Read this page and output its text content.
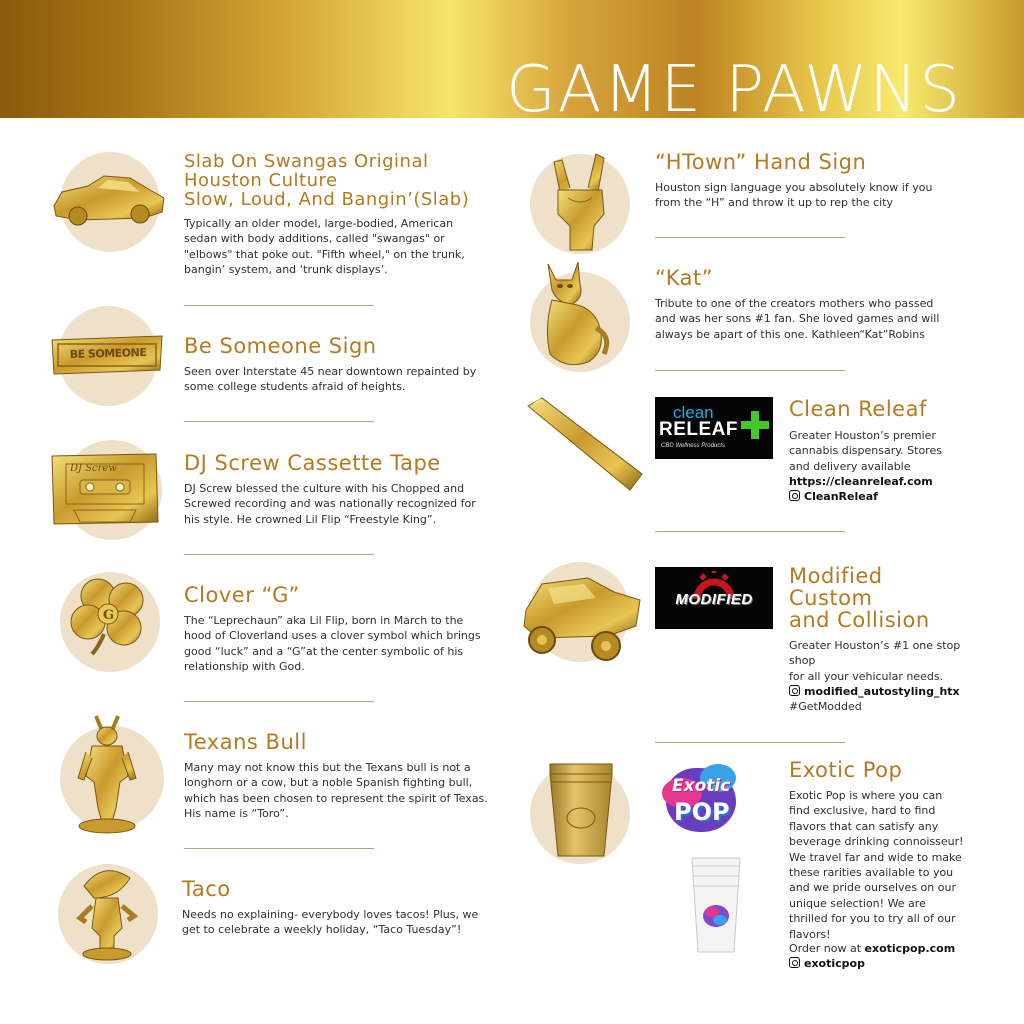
GAME PAWNS
Slab On Swangas Original
Houston Culture
Slow, Loud, And Bangin’(Slab)
Typically an older model, large-bodied, American sedan with body additions, called "swangas" or "elbows" that poke out. "Fifth wheel," on the trunk, bangin’ system, and ‘trunk displays’.
BE SOMEONE	Be Someone Sign
Seen over Interstate 45 near downtown repainted by some college students afraid of heights.
DJ Screw	DJ Screw Cassette Tape
DJ Screw blessed the culture with his Chopped and Screwed recording and was nationally recognized for his style. He crowned Lil Flip “Freestyle King”.
G
Clover “G”
The “Leprechaun” aka Lil Flip, born in March to the hood of Cloverland uses a clover symbol which brings good “luck” and a “G”at the center symbolic of his relationship with God.
Texans Bull
Many may not know this but the Texans bull is not a longhorn or a cow, but a noble Spanish fighting bull, which has been chosen to represent the spirit of Texas. His name is “Toro”.
Taco
Needs no explaining- everybody loves tacos! Plus, we get to celebrate a weekly holiday, “Taco Tuesday”!
“HTown” Hand Sign
Houston sign language you absolutely know if you from the “H” and throw it up to rep the city
“Kat”
Tribute to one of the creators mothers who passed and was her sons #1 fan. She loved games and will always be apart of this one. Kathleen“Kat”Robins
clean
RELEAF
CBD Wellness Products
Clean Releaf
Greater Houston’s premier cannabis dispensary. Stores and delivery available
https://cleanreleaf.com
CleanReleaf
MODIFIED
Modified
Custom
and Collision
Greater Houston’s #1 one stop shop
for all your vehicular needs.
modified_autostyling_htx
#GetModded
Exotic
POP
Exotic Pop
Exotic Pop is where you can find exclusive, hard to find flavors that can satisfy any beverage drinking connoisseur! We travel far and wide to make these rarities available to you and we pride ourselves on our unique selection! We are thrilled for you to try all of our flavors!
Order now at exoticpop.com
exoticpop
